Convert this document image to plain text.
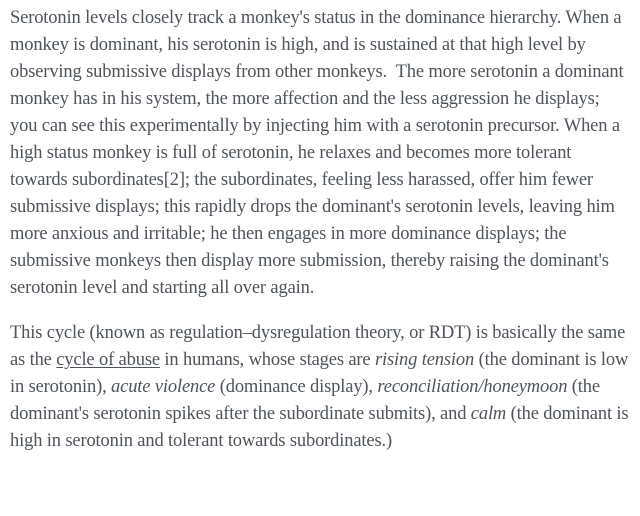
Serotonin levels closely track a monkey's status in the dominance hierarchy. When a monkey is dominant, his serotonin is high, and is sustained at that high level by observing submissive displays from other monkeys.  The more serotonin a dominant monkey has in his system, the more affection and the less aggression he displays; you can see this experimentally by injecting him with a serotonin precursor. When a high status monkey is full of serotonin, he relaxes and becomes more tolerant towards subordinates[2]; the subordinates, feeling less harassed, offer him fewer submissive displays; this rapidly drops the dominant's serotonin levels, leaving him more anxious and irritable; he then engages in more dominance displays; the submissive monkeys then display more submission, thereby raising the dominant's serotonin level and starting all over again.

This cycle (known as regulation–dysregulation theory, or RDT) is basically the same as the cycle of abuse in humans, whose stages are rising tension (the dominant is low in serotonin), acute violence (dominance display), reconciliation/honeymoon (the dominant's serotonin spikes after the subordinate submits), and calm (the dominant is high in serotonin and tolerant towards subordinates.)
